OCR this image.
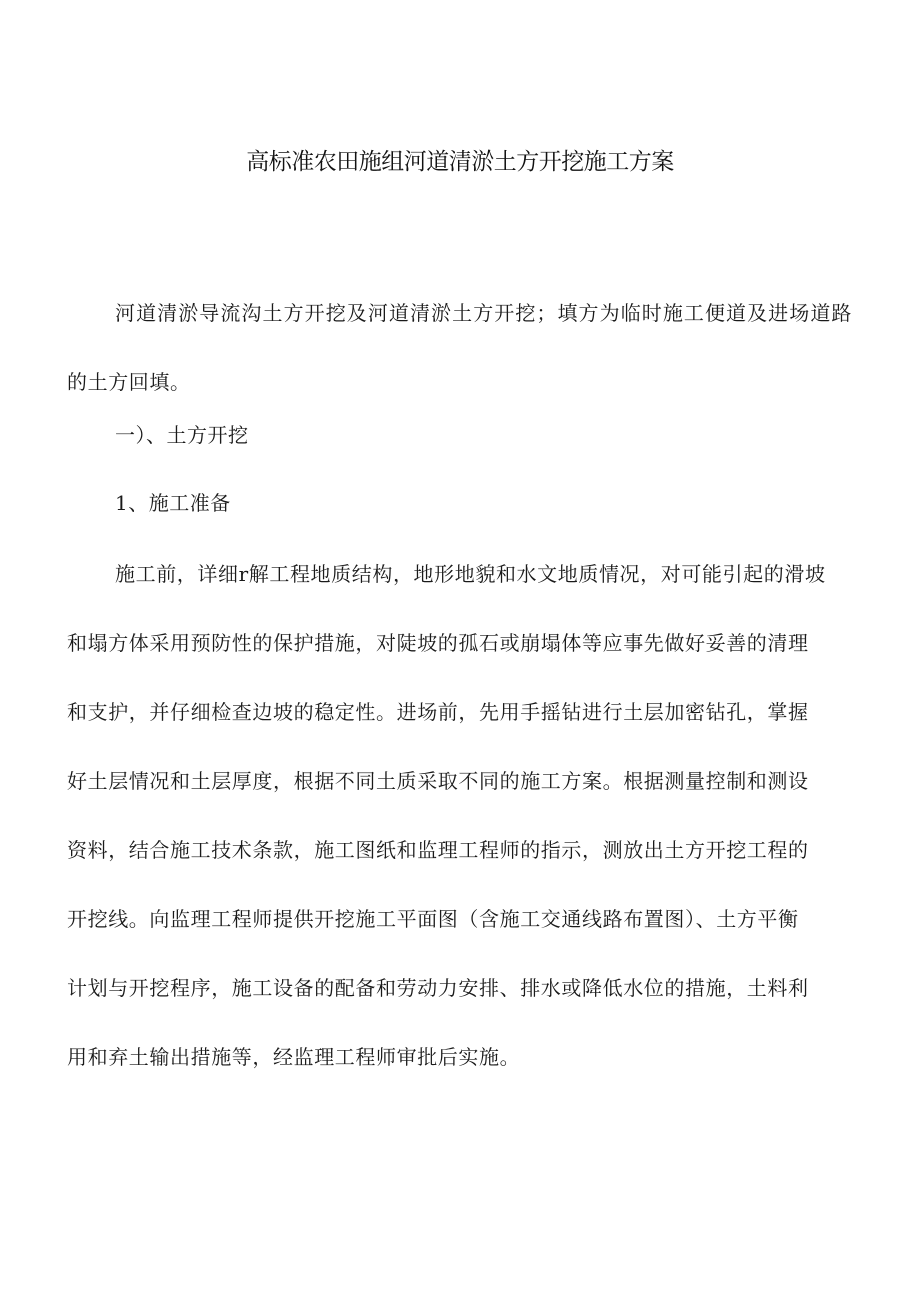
高标准农田施组河道清淤土方开挖施工方案
河道清淤导流沟土方开挖及河道清淤土方开挖；填方为临时施工便道及进场道路的土方回填。
一）、土方开挖
1、施工准备
施工前，详细r解工程地质结构，地形地貌和水文地质情况，对可能引起的滑坡
和塌方体采用预防性的保护措施，对陡坡的孤石或崩塌体等应事先做好妥善的清理
和支护，并仔细检查边坡的稳定性。进场前，先用手摇钻进行土层加密钻孔，掌握
好土层情况和土层厚度，根据不同土质采取不同的施工方案。根据测量控制和测设
资料，结合施工技术条款，施工图纸和监理工程师的指示，测放出土方开挖工程的
开挖线。向监理工程师提供开挖施工平面图（含施工交通线路布置图）、土方平衡
计划与开挖程序，施工设备的配备和劳动力安排、排水或降低水位的措施，土料利
用和弃土输出措施等，经监理工程师审批后实施。
